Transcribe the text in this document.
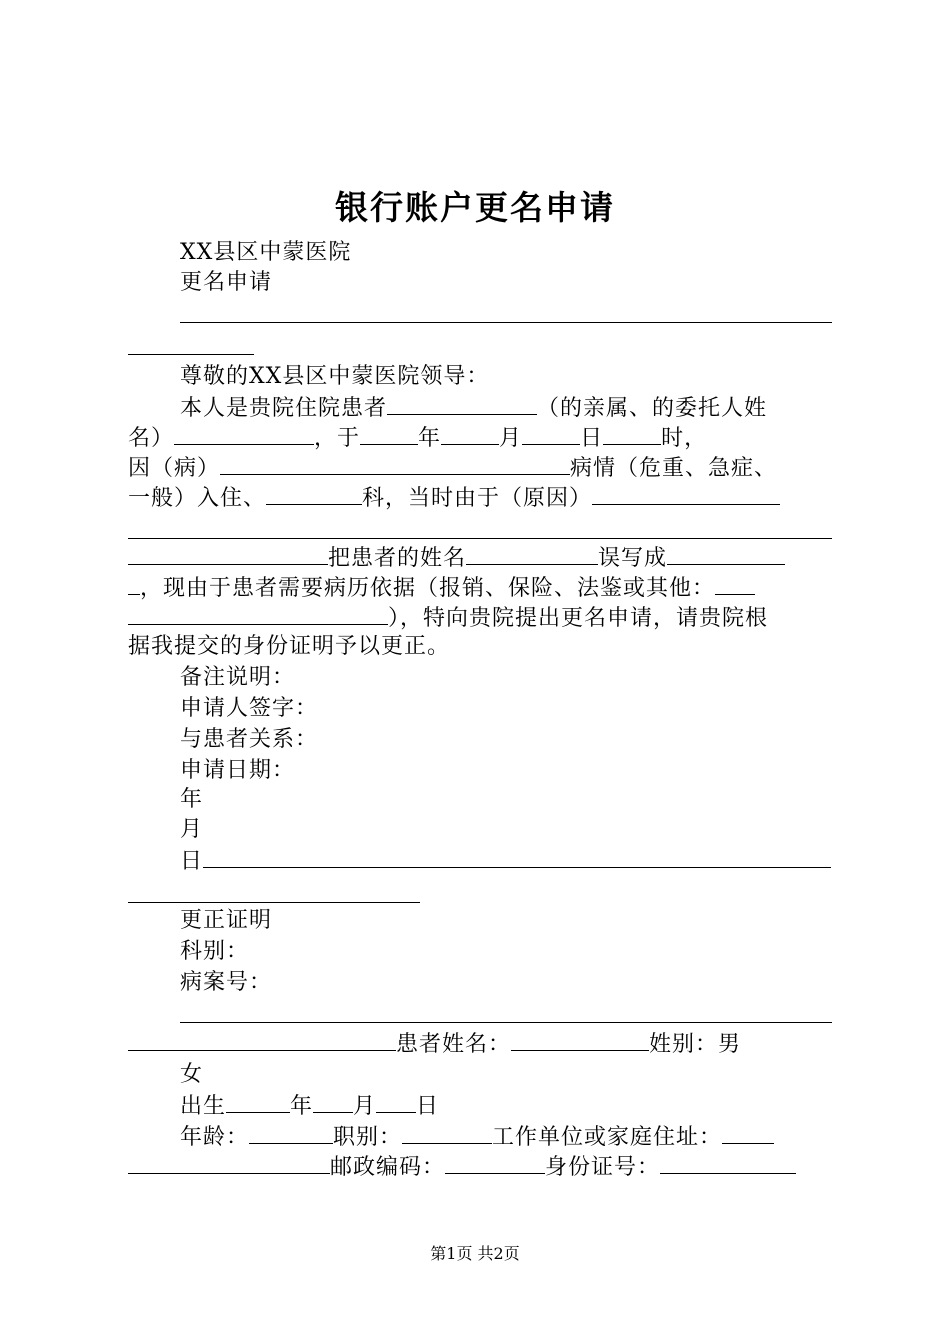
银行账户更名申请
XX县区中蒙医院
更名申请
尊敬的XX县区中蒙医院领导：
本人是贵院住院患者	（的亲属、的委托人姓
名）	，于	年	月	日	时，
因（病）	病情（危重、急症、
一般）入住、	科，当时由于（原因）
把患者的姓名	误写成
，现由于患者需要病历依据（报销、保险、法鉴或其他：
），特向贵院提出更名申请，请贵院根
据我提交的身份证明予以更正。
备注说明：
申请人签字：
与患者关系：
申请日期：
年
月
日
更正证明
科别：
病案号：
患者姓名：	姓别：男
女
出生	年 月 日
年龄：	职别：	工作单位或家庭住址：
邮政编码：	身份证号：
第1页 共2页
